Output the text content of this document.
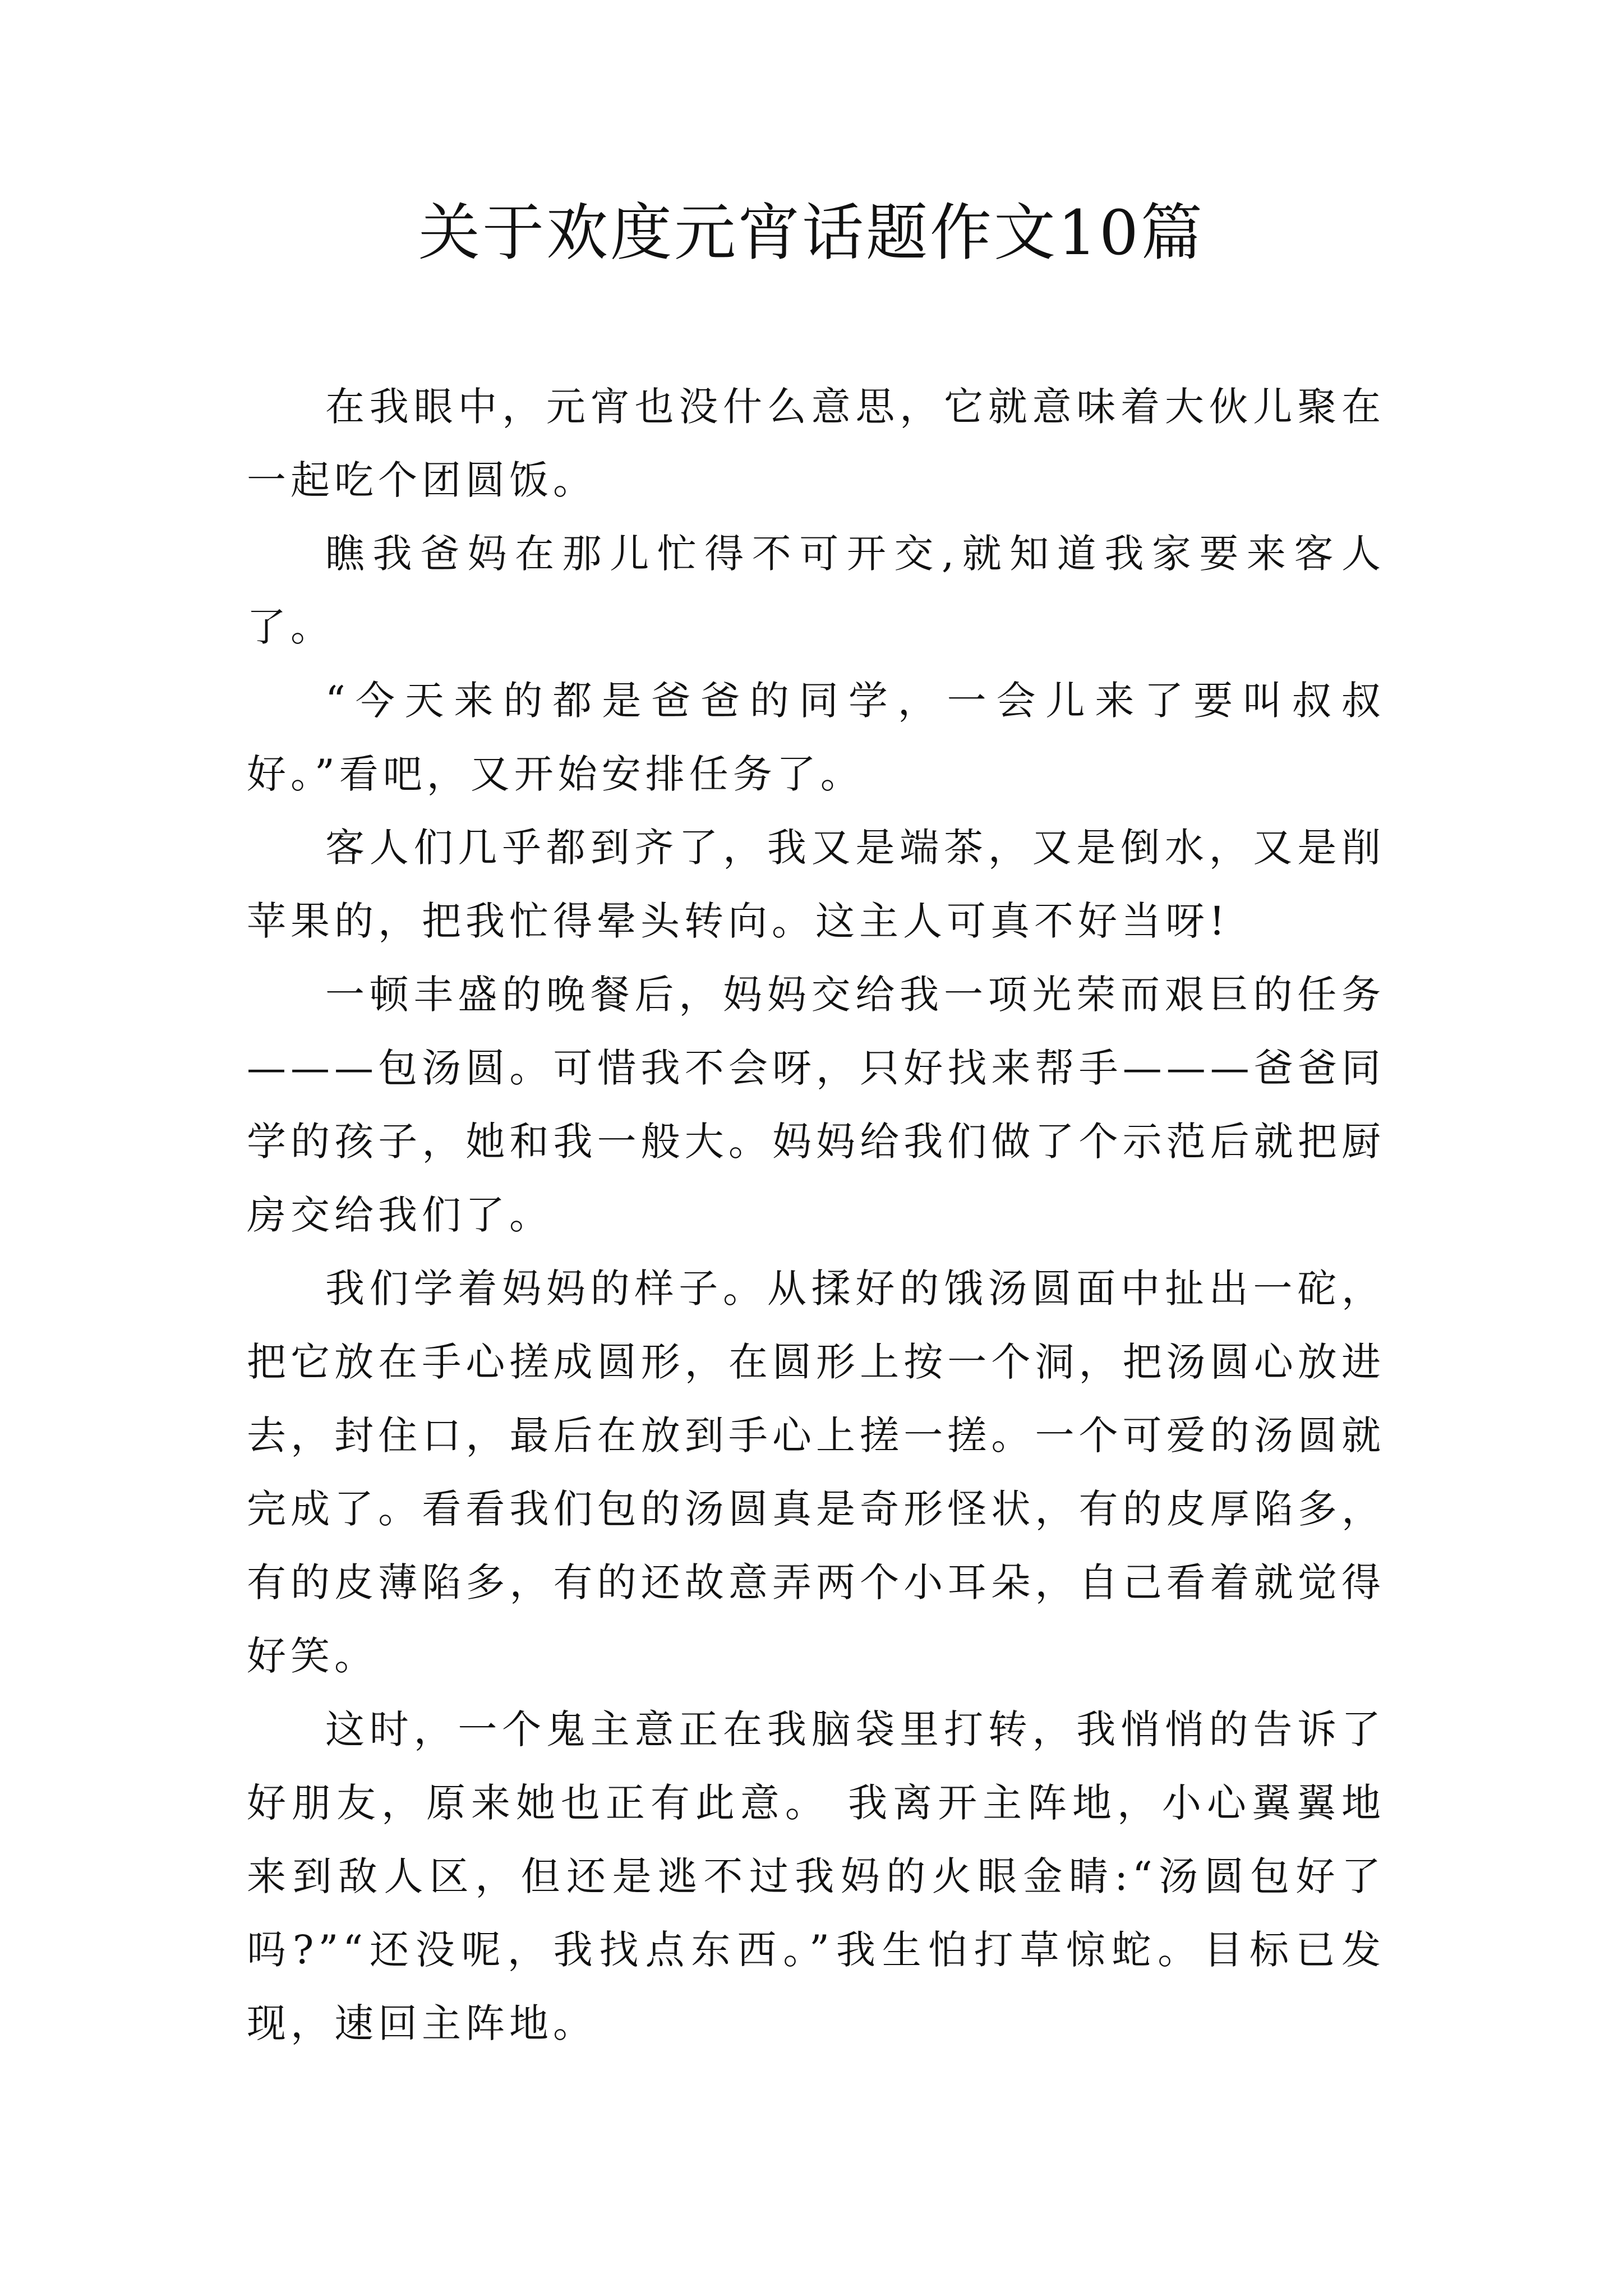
关于欢度元宵话题作文10篇

在我眼中，元宵也没什么意思，它就意味着大伙儿聚在一起吃个团圆饭。

瞧我爸妈在那儿忙得不可开交,就知道我家要来客人了。

“今天来的都是爸爸的同学，一会儿来了要叫叔叔好。”看吧，又开始安排任务了。

客人们几乎都到齐了，我又是端茶，又是倒水，又是削苹果的，把我忙得晕头转向。这主人可真不好当呀!

一顿丰盛的晚餐后，妈妈交给我一项光荣而艰巨的任务———包汤圆。可惜我不会呀，只好找来帮手———爸爸同学的孩子，她和我一般大。妈妈给我们做了个示范后就把厨房交给我们了。

我们学着妈妈的样子。从揉好的饿汤圆面中扯出一砣，把它放在手心搓成圆形，在圆形上按一个洞，把汤圆心放进去，封住口，最后在放到手心上搓一搓。一个可爱的汤圆就完成了。看看我们包的汤圆真是奇形怪状，有的皮厚陷多，有的皮薄陷多，有的还故意弄两个小耳朵，自己看着就觉得好笑。

这时，一个鬼主意正在我脑袋里打转，我悄悄的告诉了好朋友，原来她也正有此意。 我离开主阵地，小心翼翼地来到敌人区，但还是逃不过我妈的火眼金睛:“汤圆包好了吗?”“还没呢，我找点东西。”我生怕打草惊蛇。目标已发现，速回主阵地。
